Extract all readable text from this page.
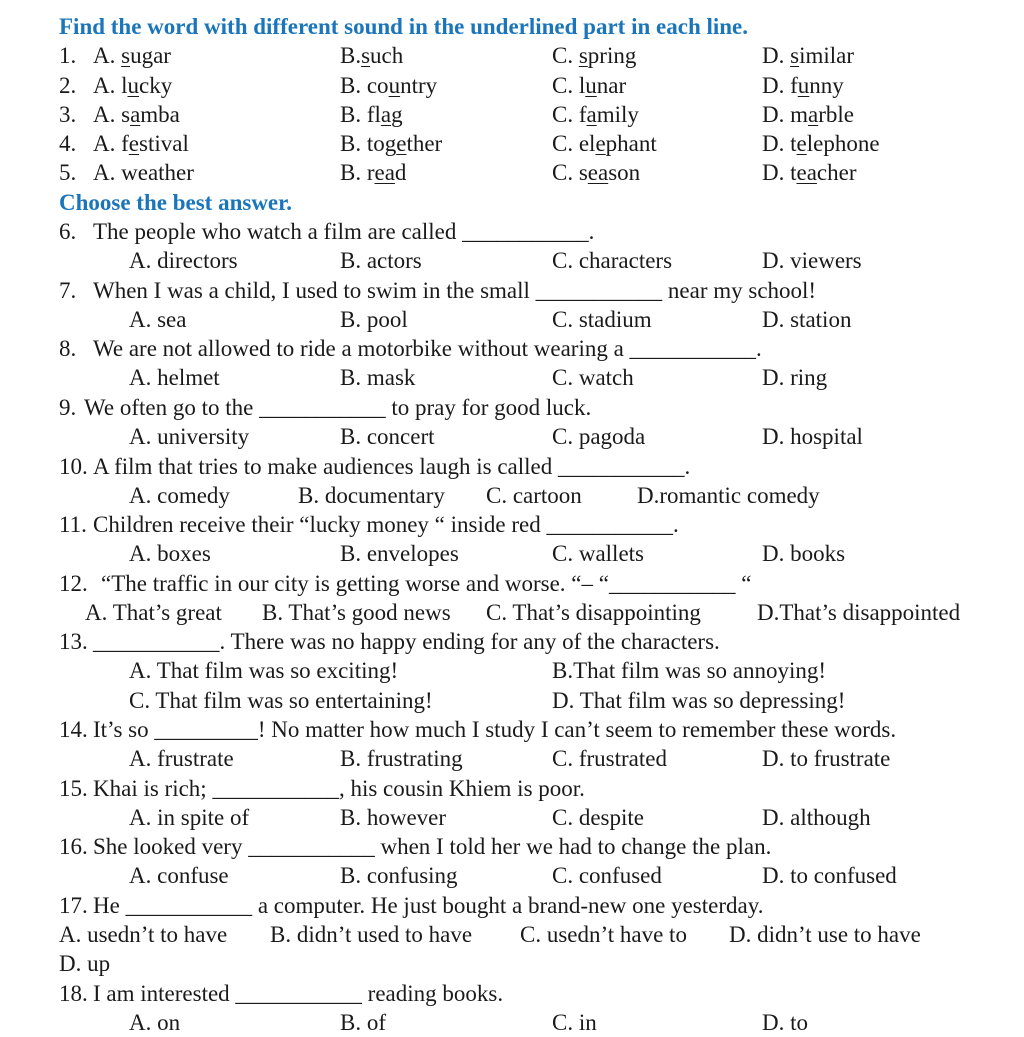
Find the word with different sound in the underlined part in each line.
1. A. sugar	B.such	C. spring	D. similar
2. A. lucky	B. country	C. lunar	D. funny
3. A. samba	B. flag	C. family	D. marble
4. A. festival	B. together	C. elephant	D. telephone
5. A. weather	B. read	C. season	D. teacher
Choose the best answer.
6. The people who watch a film are called ___________.
A. directors	B. actors	C. characters	D. viewers
7. When I was a child, I used to swim in the small ___________ near my school!
A. sea	B. pool	C. stadium	D. station
8. We are not allowed to ride a motorbike without wearing a ___________.
A. helmet	B. mask	C. watch	D. ring
9. We often go to the ___________ to pray for good luck.
A. university	B. concert	C. pagoda	D. hospital
10. A film that tries to make audiences laugh is called ___________.
A. comedy	B. documentary C. cartoon D.romantic comedy
11. Children receive their “lucky money “ inside red ___________.
A. boxes	B. envelopes	C. wallets	D. books
12. “The traffic in our city is getting worse and worse. “– “___________ “
A. That’s great B. That’s good news C. That’s disappointing D.That’s disappointed
13. ___________. There was no happy ending for any of the characters.
A. That film was so exciting!	B.That film was so annoying!
C. That film was so entertaining!	D. That film was so depressing!
14. It’s so _________! No matter how much I study I can’t seem to remember these words.
A. frustrate	B. frustrating	C. frustrated	D. to frustrate
15. Khai is rich; ___________, his cousin Khiem is poor.
A. in spite of	B. however	C. despite	D. although
16. She looked very ___________ when I told her we had to change the plan.
A. confuse	B. confusing	C. confused	D. to confused
17. He ___________ a computer. He just bought a brand-new one yesterday.
A. usedn’t to have B. didn’t used to have C. usedn’t have to D. didn’t use to have
D. up
18. I am interested ___________ reading books.
A. on	B. of	C. in	D. to
